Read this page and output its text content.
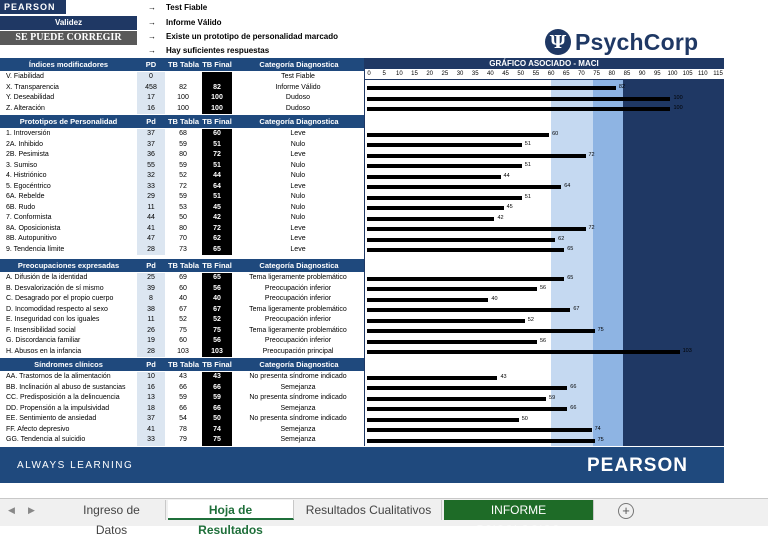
PEARSON
Validez
SE PUEDE CORREGIR
→ Test Fiable
→ Informe Válido
→ Existe un prototipo de personalidad marcado
→ Hay suficientes respuestas	Ψ PsychCorp
GRÁFICO ASOCIADO - MACI
82
100
100
60
51
72
51
44
64
51
45
42
72
62
65
65
56
40
67
52
75
56
103
43
66
59
66
50
74
75
0 5 10 15 20 25 30 35 40 45 50 55 60 65 70 75 80 85 90 95 100 105 110 115
Índices modificadores	PD	TB Tabla TB Final	Categoría Diagnostica
V. Fiabilidad	0	Test Fiable
X. Transparencia	458	82	82	Informe Válido
Y. Deseabilidad	17	100	100	Dudoso
Z. Alteración	16	100	100	Dudoso
Prototipos de Personalidad	Pd	TB Tabla TB Final	Categoría Diagnostica
1. Introversión	37	68	60	Leve
2A. Inhibido	37	59	51	Nulo
2B. Pesimista	36	80	72	Leve
3. Sumiso	55	59	51	Nulo
4. Histriónico	32	52	44	Nulo
5. Egocéntrico	33	72	64	Leve
6A. Rebelde	29	59	51	Nulo
6B. Rudo	11	53	45	Nulo
7. Conformista	44	50	42	Nulo
8A. Oposicionista	41	80	72	Leve
8B. Autopunitivo	47	70	62	Leve
9. Tendencia límite	28	73	65	Leve
Preocupaciones expresadas	Pd	TB Tabla TB Final	Categoría Diagnostica
A. Difusión de la identidad	25	69	65	Tema ligeramente problemático
B. Desvalorización de sí mismo	39	60	56	Preocupación inferior
C. Desagrado por el propio cuerpo	8	40	40	Preocupación inferior
D. Incomodidad respecto al sexo	38	67	67	Tema ligeramente problemático
E. Inseguridad con los iguales	11	52	52	Preocupación inferior
F. Insensibilidad social	26	75	75	Tema ligeramente problemático
G. Discordancia familiar	19	60	56	Preocupación inferior
H. Abusos en la infancia	28	103	103	Preocupación principal
Síndromes clínicos	Pd	TB Tabla TB Final	Categoría Diagnostica
AA. Trastornos de la alimentación	10	43	43	No presenta síndrome indicado
BB. Inclinación al abuso de sustancias	16	66	66	Semejanza
CC. Predisposición a la delincuencia	13	59	59	No presenta síndrome indicado
DD. Propensión a la impulsividad	18	66	66	Semejanza
EE. Sentimiento de ansiedad	37	54	50	No presenta síndrome indicado
FF. Afecto depresivo	41	78	74	Semejanza
GG. Tendencia al suicidio	33	79	75	Semejanza
ALWAYS LEARNING	PEARSON
◀ ▶	Ingreso de Datos
Hoja de Resultados
Resultados Cualitativos	INFORME PSICOLOGICO
+
